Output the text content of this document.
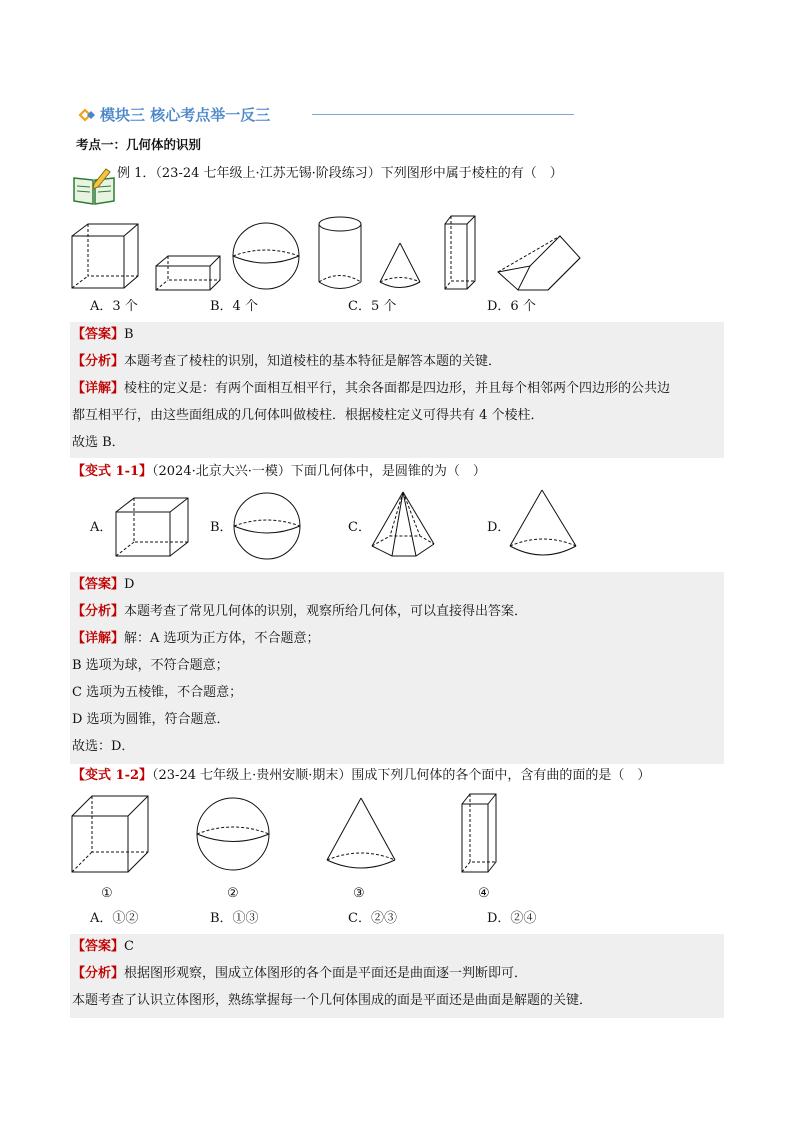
模块三 核心考点举一反三
考点一：几何体的识别
例 1．（23-24 七年级上·江苏无锡·阶段练习）下列图形中属于棱柱的有（　）
A．3 个	B．4 个	C．5 个	D．6 个
【答案】B
【分析】本题考查了棱柱的识别，知道棱柱的基本特征是解答本题的关键．
【详解】棱柱的定义是：有两个面相互相平行，其余各面都是四边形，并且每个相邻两个四边形的公共边
都互相平行，由这些面组成的几何体叫做棱柱．根据棱柱定义可得共有 4 个棱柱．
故选 B．
【变式 1-1】（2024·北京大兴·一模）下面几何体中，是圆锥的为（　）
A．	B．	C．	D．
【答案】D
【分析】本题考查了常见几何体的识别，观察所给几何体，可以直接得出答案．
【详解】解：A 选项为正方体，不合题意；
B 选项为球，不符合题意；
C 选项为五棱锥，不合题意；
D 选项为圆锥，符合题意．
故选：D．
【变式 1-2】（23-24 七年级上·贵州安顺·期末）围成下列几何体的各个面中，含有曲的面的是（　）
①	②	③	④
A．①②	B．①③	C．②③	D．②④
【答案】C
【分析】根据图形观察，围成立体图形的各个面是平面还是曲面逐一判断即可．
本题考查了认识立体图形，熟练掌握每一个几何体围成的面是平面还是曲面是解题的关键．
